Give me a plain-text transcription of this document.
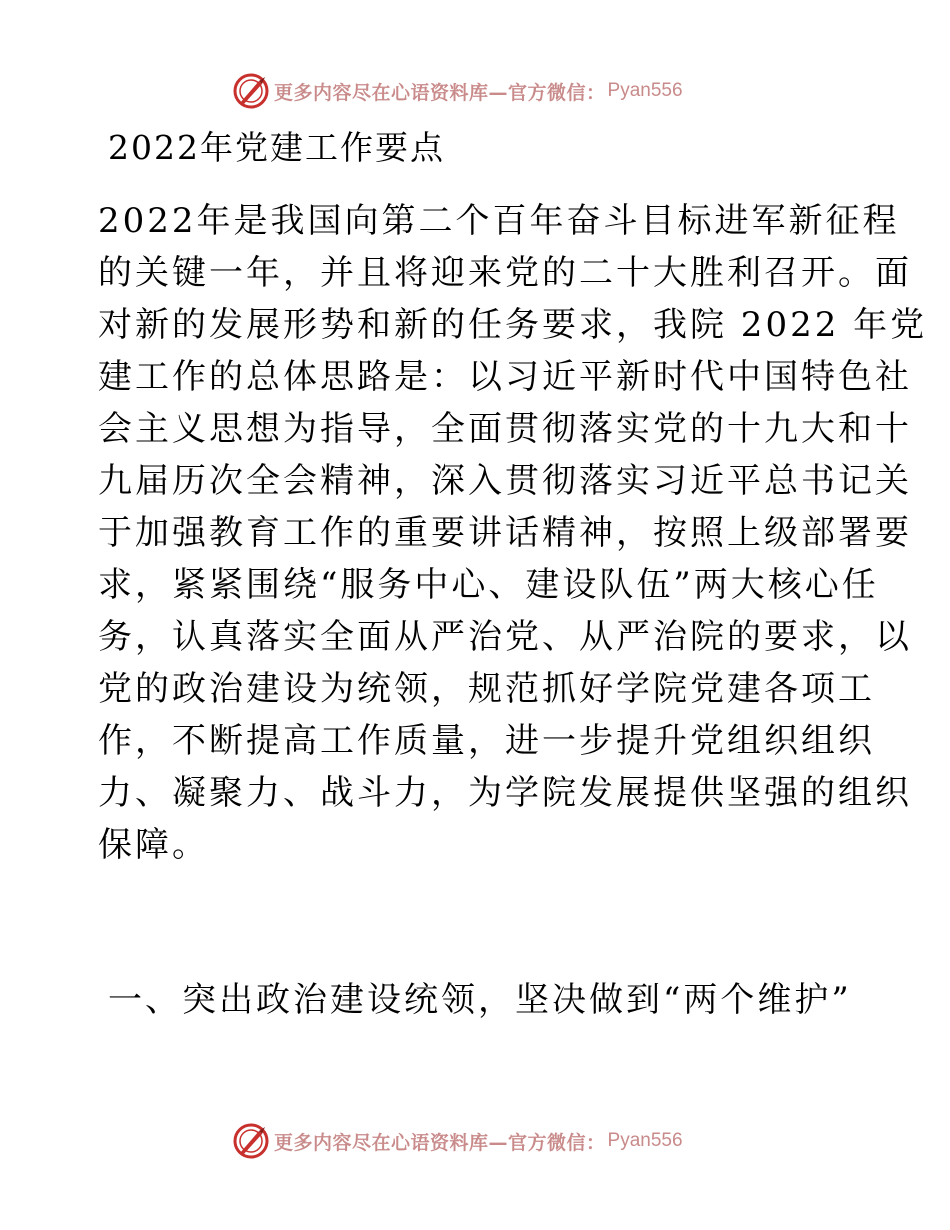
更多内容尽在心语资料库—官方微信： Pyan556
2022年党建工作要点
2022年是我国向第二个百年奋斗目标进军新征程
的关键一年，并且将迎来党的二十大胜利召开。面
对新的发展形势和新的任务要求，我院 2022 年党
建工作的总体思路是：以习近平新时代中国特色社
会主义思想为指导，全面贯彻落实党的十九大和十
九届历次全会精神，深入贯彻落实习近平总书记关
于加强教育工作的重要讲话精神，按照上级部署要
求，紧紧围绕“服务中心、建设队伍”两大核心任
务，认真落实全面从严治党、从严治院的要求，以
党的政治建设为统领，规范抓好学院党建各项工
作，不断提高工作质量，进一步提升党组织组织
力、凝聚力、战斗力，为学院发展提供坚强的组织
保障。
一、突出政治建设统领，坚决做到“两个维护”
更多内容尽在心语资料库—官方微信： Pyan556
